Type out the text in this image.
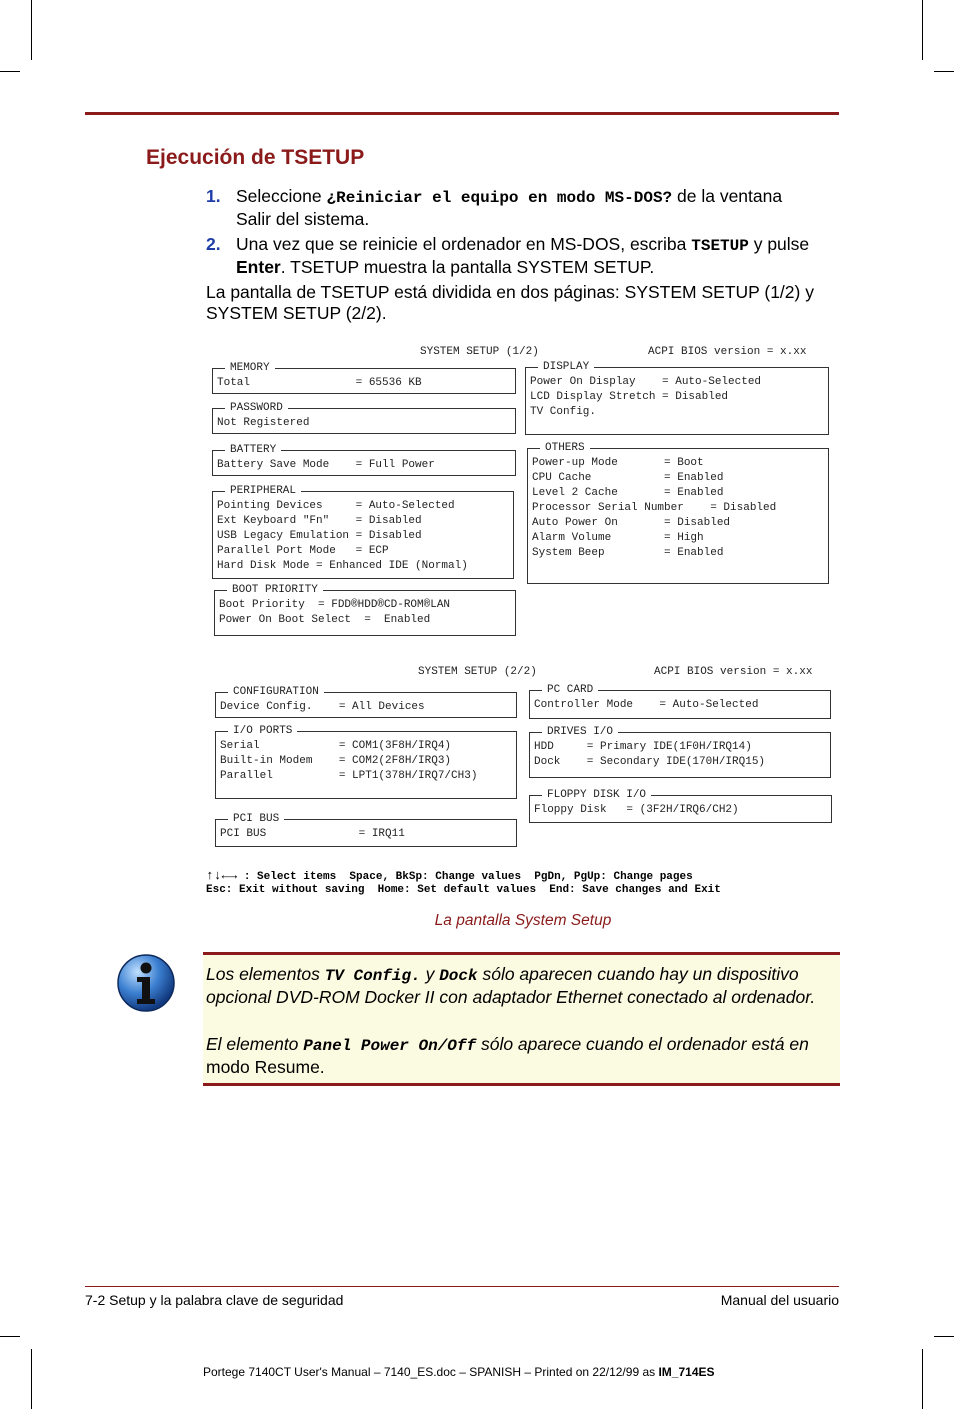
Ejecución de TSETUP
1. Seleccione ¿Reiniciar el equipo en modo MS-DOS? de la ventana Salir del sistema.
2. Una vez que se reinicie el ordenador en MS-DOS, escriba TSETUP y pulse Enter. TSETUP muestra la pantalla SYSTEM SETUP.

La pantalla de TSETUP está dividida en dos páginas: SYSTEM SETUP (1/2) y SYSTEM SETUP (2/2).

SYSTEM SETUP (1/2)	ACPI BIOS version = x.xx
MEMORY
Total                = 65536 KB
PASSWORD
Not Registered
BATTERY
Battery Save Mode    = Full Power
PERIPHERAL
Pointing Devices     = Auto-Selected
Ext Keyboard "Fn"    = Disabled
USB Legacy Emulation = Disabled
Parallel Port Mode   = ECP
Hard Disk Mode = Enhanced IDE (Normal)
BOOT PRIORITY
Boot Priority  = FDD®HDD®CD-ROM®LAN
Power On Boot Select  =  Enabled
DISPLAY
Power On Display    = Auto-Selected
LCD Display Stretch = Disabled
TV Config.
OTHERS
Power-up Mode       = Boot
CPU Cache           = Enabled
Level 2 Cache       = Enabled
Processor Serial Number    = Disabled
Auto Power On       = Disabled
Alarm Volume        = High
System Beep         = Enabled
SYSTEM SETUP (2/2)	ACPI BIOS version = x.xx
CONFIGURATION
Device Config.    = All Devices
I/O PORTS
Serial            = COM1(3F8H/IRQ4)
Built-in Modem    = COM2(2F8H/IRQ3)
Parallel          = LPT1(378H/IRQ7/CH3)
PCI BUS
PCI BUS              = IRQ11
PC CARD
Controller Mode    = Auto-Selected
DRIVES I/O
HDD     = Primary IDE(1F0H/IRQ14)
Dock    = Secondary IDE(170H/IRQ15)
FLOPPY DISK I/O
Floppy Disk   = (3F2H/IRQ6/CH2)
↑↓←→ : Select items  Space, BkSp: Change values  PgDn, PgUp: Change pages
Esc: Exit without saving  Home: Set default values  End: Save changes and Exit
La pantalla System Setup

Los elementos TV Config. y Dock sólo aparecen cuando hay un dispositivo opcional DVD-ROM Docker II con adaptador Ethernet conectado al ordenador.

El elemento Panel Power On/Off sólo aparece cuando el ordenador está en modo Resume.

7-2 Setup y la palabra clave de seguridad	Manual del usuario
Portege 7140CT User's Manual – 7140_ES.doc – SPANISH – Printed on 22/12/99 as IM_714ES
